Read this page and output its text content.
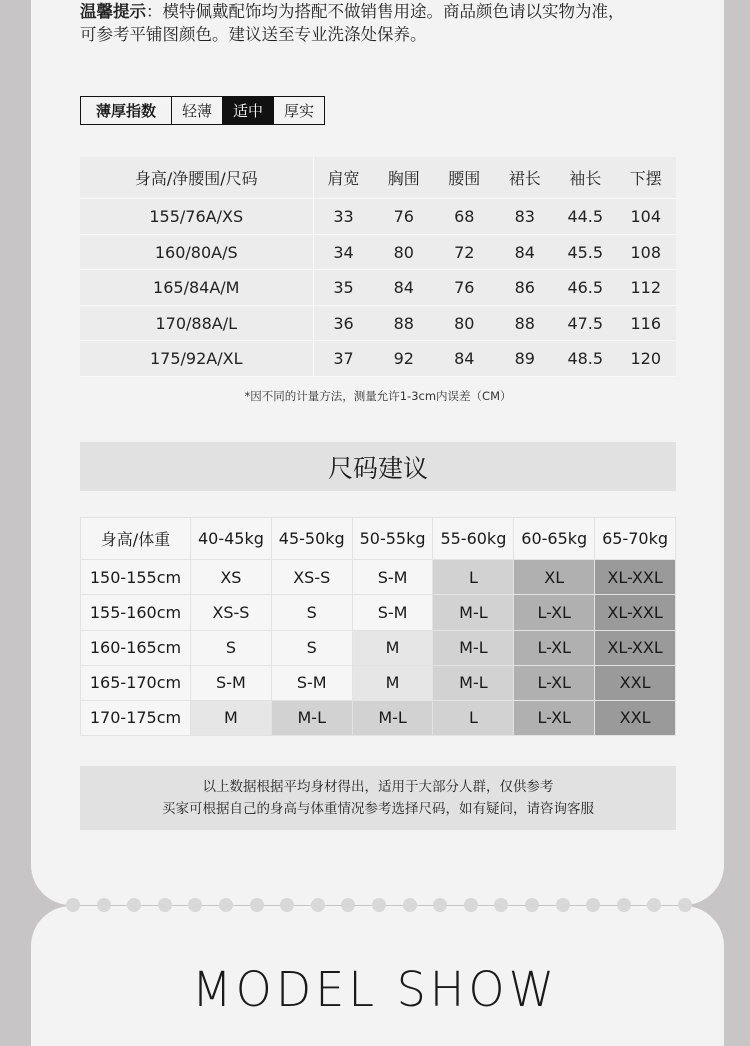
温馨提示：模特佩戴配饰均为搭配不做销售用途。商品颜色请以实物为准，
可参考平铺图颜色。建议送至专业洗涤处保养。
薄厚指数	轻薄	适中	厚实
身高/净腰围/尺码	肩宽	胸围	腰围	裙长	袖长	下摆
155/76A/XS	33	76	68	83	44.5	104
160/80A/S	34	80	72	84	45.5	108
165/84A/M	35	84	76	86	46.5	112
170/88A/L	36	88	80	88	47.5	116
175/92A/XL	37	92	84	89	48.5	120
*因不同的计量方法，测量允许1-3cm内误差（CM）
尺码建议
身高/体重	40-45kg	45-50kg	50-55kg	55-60kg	60-65kg	65-70kg
150-155cm	XS	XS-S	S-M	L	XL	XL-XXL
155-160cm	XS-S	S	S-M	M-L	L-XL	XL-XXL
160-165cm	S	S	M	M-L	L-XL	XL-XXL
165-170cm	S-M	S-M	M	M-L	L-XL	XXL
170-175cm	M	M-L	M-L	L	L-XL	XXL
以上数据根据平均身材得出，适用于大部分人群，仅供参考
买家可根据自己的身高与体重情况参考选择尺码，如有疑问，请咨询客服
MODEL SHOW
